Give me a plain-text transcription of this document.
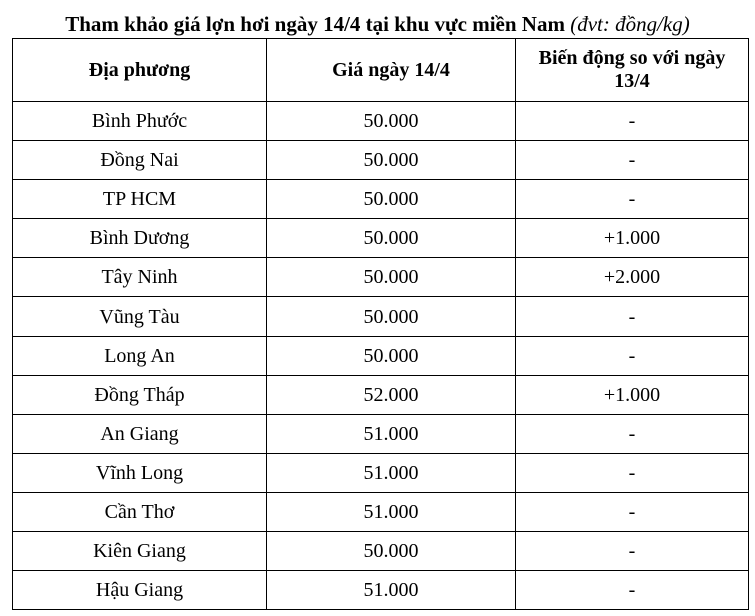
Tham khảo giá lợn hơi ngày 14/4 tại khu vực miền Nam (đvt: đồng/kg)
Địa phương	Giá ngày 14/4	Biến động so với ngày 13/4
Bình Phước	50.000	-
Đồng Nai	50.000	-
TP HCM	50.000	-
Bình Dương	50.000	+1.000
Tây Ninh	50.000	+2.000
Vũng Tàu	50.000	-
Long An	50.000	-
Đồng Tháp	52.000	+1.000
An Giang	51.000	-
Vĩnh Long	51.000	-
Cần Thơ	51.000	-
Kiên Giang	50.000	-
Hậu Giang	51.000	-
